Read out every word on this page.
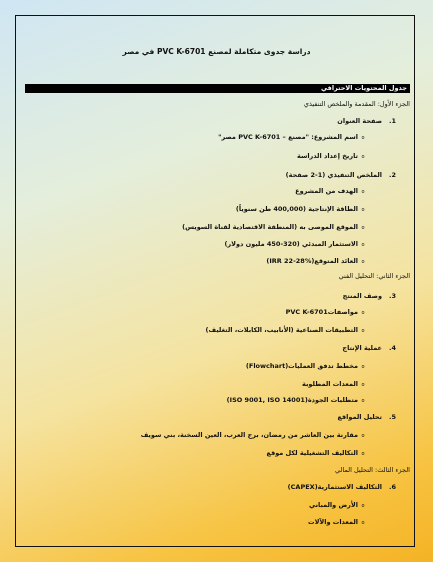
دراسة جدوى متكاملة لمصنع PVC K-6701 في مصر
جدول المحتويات الاحترافي
الجزء الأول: المقدمة والملخص التنفيذي
1.صفحة العنوان
oاسم المشروع: "مصنع – PVC K-6701 مصر"
oتاريخ إعداد الدراسة
2.الملخص التنفيذي (1-2 صفحة)
oالهدف من المشروع
oالطاقة الإنتاجية (400,000 طن سنوياً)
oالموقع الموصى به (المنطقة الاقتصادية لقناة السويس)
oالاستثمار المبدئي (320-450 مليون دولار)
oالعائد المتوقع(%IRR 22-28)
الجزء الثاني: التحليل الفني
3.وصف المنتج
oمواصفاتPVC K-6701
oالتطبيقات الصناعية (الأنابيب، الكابلات، التغليف)
4.عملية الإنتاج
oمخطط تدفق العمليات(Flowchart)
oالمعدات المطلوبة
oمتطلبات الجودة(ISO 9001, ISO 14001)
5.تحليل المواقع
oمقارنة بين العاشر من رمضان، برج العرب، العين السخنة، بني سويف
oالتكاليف التشغيلية لكل موقع
الجزء الثالث: التحليل المالي
6.التكاليف الاستثمارية(CAPEX)
oالأرض والمباني
oالمعدات والآلات
